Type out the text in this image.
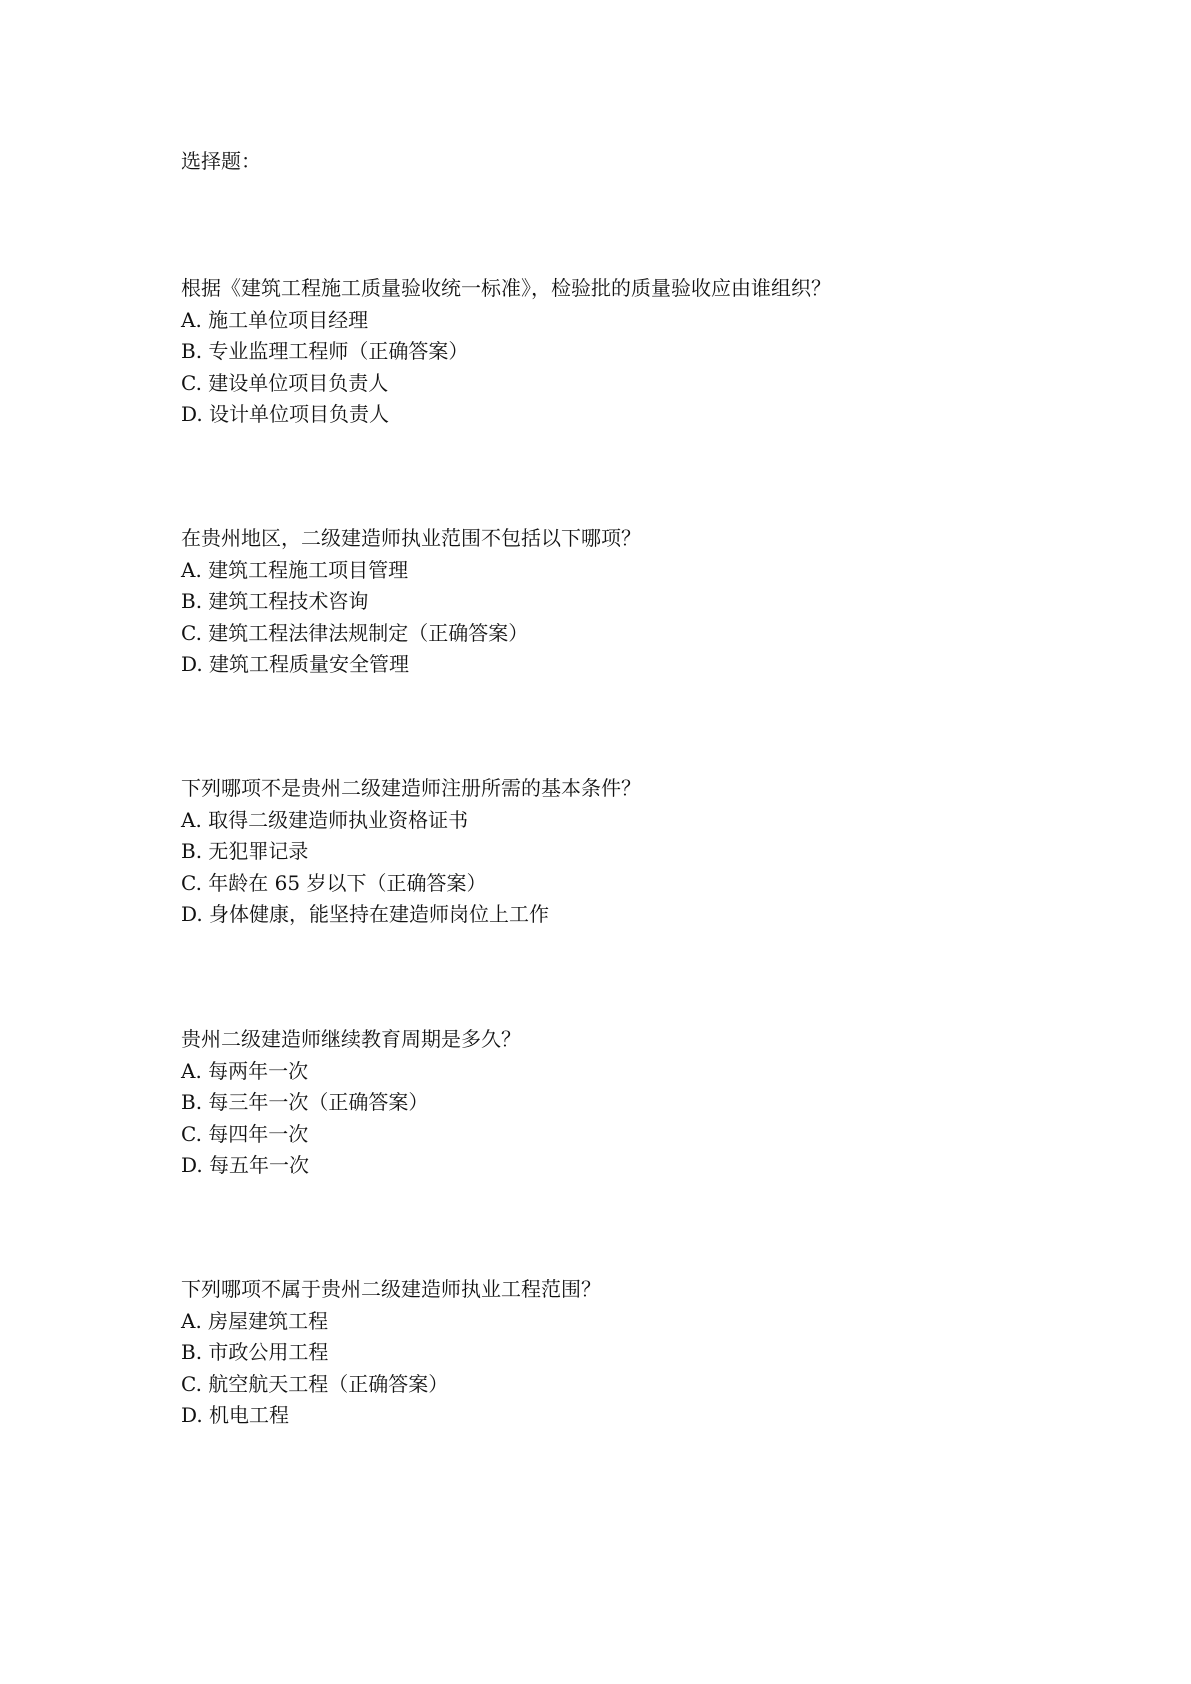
选择题：

根据《建筑工程施工质量验收统一标准》，检验批的质量验收应由谁组织？

A. 施工单位项目经理
B. 专业监理工程师（正确答案）
C. 建设单位项目负责人
D. 设计单位项目负责人

在贵州地区，二级建造师执业范围不包括以下哪项？

A. 建筑工程施工项目管理
B. 建筑工程技术咨询
C. 建筑工程法律法规制定（正确答案）
D. 建筑工程质量安全管理

下列哪项不是贵州二级建造师注册所需的基本条件？

A. 取得二级建造师执业资格证书
B. 无犯罪记录
C. 年龄在 65 岁以下（正确答案）
D. 身体健康，能坚持在建造师岗位上工作

贵州二级建造师继续教育周期是多久？

A. 每两年一次
B. 每三年一次（正确答案）
C. 每四年一次
D. 每五年一次

下列哪项不属于贵州二级建造师执业工程范围？

A. 房屋建筑工程
B. 市政公用工程
C. 航空航天工程（正确答案）
D. 机电工程
